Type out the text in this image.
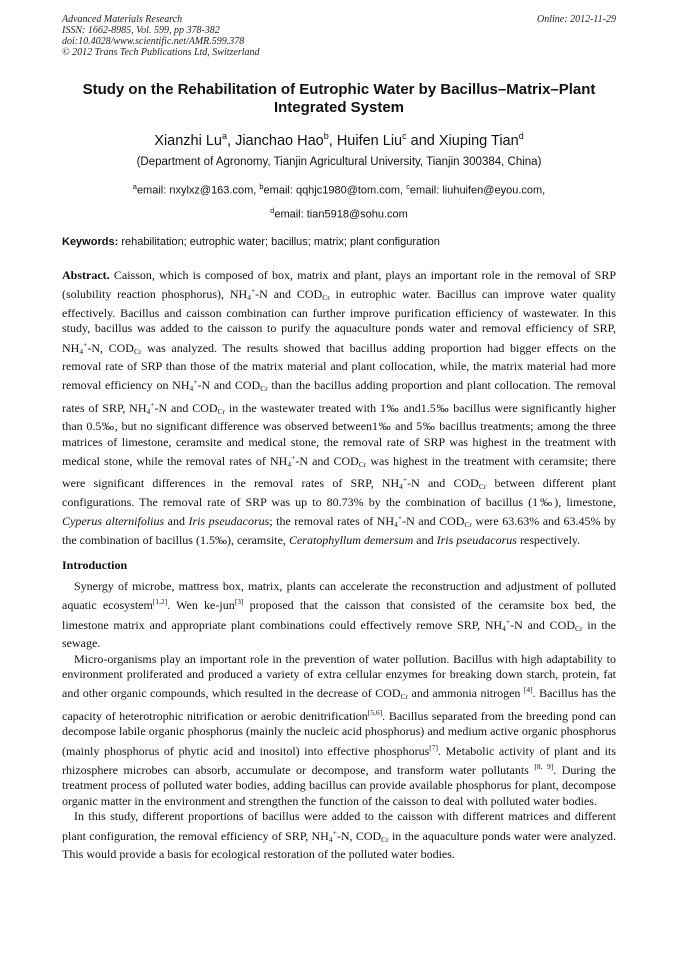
Advanced Materials Research
ISSN: 1662-8985, Vol. 599, pp 378-382
doi:10.4028/www.scientific.net/AMR.599.378
© 2012 Trans Tech Publications Ltd, Switzerland
Online: 2012-11-29
Study on the Rehabilitation of Eutrophic Water by Bacillus–Matrix–Plant Integrated System
Xianzhi Lu$^a$, Jianchao Hao$^b$, Huifen Liu$^c$ and Xiuping Tian$^d$
(Department of Agronomy, Tianjin Agricultural University, Tianjin 300384, China)
$^a$email: nxylxz@163.com, $^b$email: qqhjc1980@tom.com, $^c$email: liuhuifen@eyou.com,
$^d$email: tian5918@sohu.com
Keywords: rehabilitation; eutrophic water; bacillus; matrix; plant configuration
Abstract. Caisson, which is composed of box, matrix and plant, plays an important role in the removal of SRP (solubility reaction phosphorus), $NH_4^+-N$ and $COD_{Cr}$ in eutrophic water. Bacillus can improve water quality effectively. Bacillus and caisson combination can further improve purification efficiency of wastewater. In this study, bacillus was added to the caisson to purify the aquaculture ponds water and removal efficiency of SRP, $NH_4^+-N$, $COD_{Cr}$ was analyzed. The results showed that bacillus adding proportion had bigger effects on the removal rate of SRP than those of the matrix material and plant collocation, while, the matrix material had more removal efficiency on $NH_4^+-N$ and $COD_{Cr}$ than the bacillus adding proportion and plant collocation. The removal rates of SRP, $NH_4^+-N$ and $COD_{Cr}$ in the wastewater treated with 1‰ and1.5‰ bacillus were significantly higher than 0.5‰, but no significant difference was observed between1‰ and 5‰ bacillus treatments; among the three matrices of limestone, ceramsite and medical stone, the removal rate of SRP was highest in the treatment with medical stone, while the removal rates of $NH_4^+-N$ and $COD_{Cr}$ was highest in the treatment with ceramsite; there were significant differences in the removal rates of SRP, $NH_4^+-N$ and $COD_{Cr}$ between different plant configurations. The removal rate of SRP was up to 80.73% by the combination of bacillus (1‰), limestone, Cyperus alternifolius and Iris pseudacorus; the removal rates of $NH_4^+-N$ and $COD_{Cr}$ were 63.63% and 63.45% by the combination of bacillus (1.5‰), ceramsite, Ceratophyllum demersum and Iris pseudacorus respectively.
Introduction

Synergy of microbe, mattress box, matrix, plants can accelerate the reconstruction and adjustment of polluted aquatic ecosystem[1,2]. Wen ke-jun[3] proposed that the caisson that consisted of the ceramsite box bed, the limestone matrix and appropriate plant combinations could effectively remove SRP, $NH_4^+-N$ and $COD_{Cr}$ in the sewage.

Micro-organisms play an important role in the prevention of water pollution. Bacillus with high adaptability to environment proliferated and produced a variety of extra cellular enzymes for breaking down starch, protein, fat and other organic compounds, which resulted in the decrease of $COD_{Cr}$ and ammonia nitrogen [4]. Bacillus has the capacity of heterotrophic nitrification or aerobic denitrification[5,6]. Bacillus separated from the breeding pond can decompose labile organic phosphorus (mainly the nucleic acid phosphorus) and medium active organic phosphorus (mainly phosphorus of phytic acid and inositol) into effective phosphorus[7]. Metabolic activity of plant and its rhizosphere microbes can absorb, accumulate or decompose, and transform water pollutants [8, 9]. During the treatment process of polluted water bodies, adding bacillus can provide available phosphorus for plant, decompose organic matter in the environment and strengthen the function of the caisson to deal with polluted water bodies.

In this study, different proportions of bacillus were added to the caisson with different matrices and different plant configuration, the removal efficiency of SRP, $NH_4^+-N$, $COD_{Cr}$ in the aquaculture ponds water were analyzed. This would provide a basis for ecological restoration of the polluted water bodies.
